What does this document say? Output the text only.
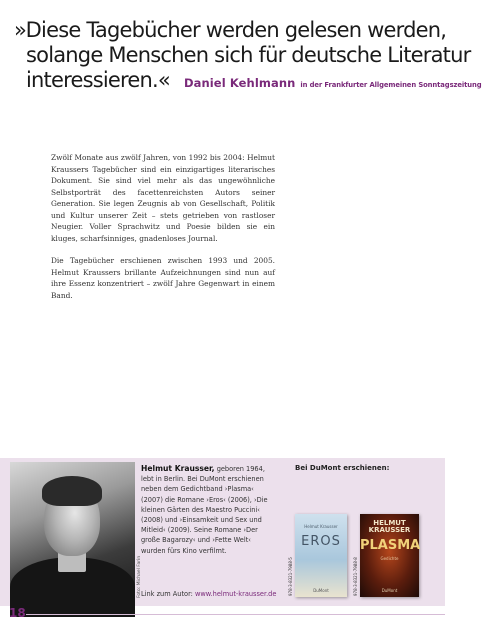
»Diese Tagebücher werden gelesen werden,
solange Menschen sich für deutsche Literatur
interessieren.« Daniel Kehlmann in der Frankfurter Allgemeinen Sonntagszeitung

Zwölf Monate aus zwölf Jahren, von 1992 bis 2004: Helmut Kraussers Tagebücher sind ein einzigartiges literarisches Dokument. Sie sind viel mehr als das ungewöhnliche Selbstporträt des facettenreichsten Autors seiner Generation. Sie legen Zeugnis ab von Gesellschaft, Politik und Kultur unserer Zeit – stets getrieben von rastloser Neugier. Voller Sprachwitz und Poesie bilden sie ein kluges, scharfsinniges, gnadenloses Journal.

Die Tagebücher erschienen zwischen 1993 und 2005. Helmut Kraussers brillante Aufzeichnungen sind nun auf ihre Essenz konzentriert – zwölf Jahre Gegenwart in einem Band.

Foto: Michael Farin
Helmut Krausser, geboren 1964, lebt in Berlin. Bei DuMont erschienen neben dem Gedichtband ›Plasma‹ (2007) die Romane ›Eros‹ (2006), ›Die kleinen Gärten des Maestro Puccini‹ (2008) und ›Einsamkeit und Sex und Mitleid‹ (2009). Seine Romane ›Der große Bagarozy‹ und ›Fette Welt‹ wurden fürs Kino verfilmt.
Link zum Autor: www.helmut-krausser.de
Bei DuMont erschienen:
978-3-8321-7988-5
Helmut Krausser
EROS
DuMont	978-3-8321-7988-8
HELMUT KRAUSSER
PLASMA
Gedichte
DuMont
18
